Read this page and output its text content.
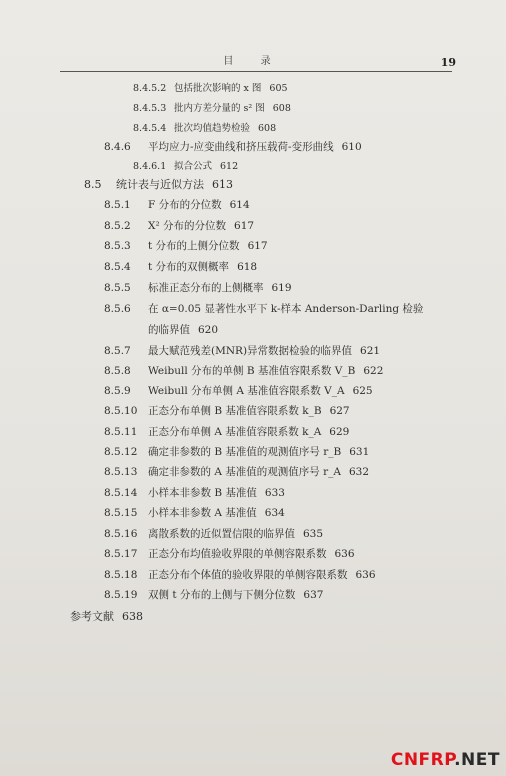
目 录	19
8.4.5.2 包括批次影响的 x 图 605
8.4.5.3 批内方差分量的 s² 图 608
8.4.5.4 批次均值趋势检验 608
8.4.6 平均应力-应变曲线和挤压载荷-变形曲线 610
8.4.6.1 拟合公式 612
8.5 统计表与近似方法 613
8.5.1 F 分布的分位数 614
8.5.2 X² 分布的分位数 617
8.5.3 t 分布的上侧分位数 617
8.5.4 t 分布的双侧概率 618
8.5.5 标准正态分布的上侧概率 619
8.5.6 在 α=0.05 显著性水平下 k-样本 Anderson-Darling 检验
的临界值 620
8.5.7 最大赋范残差(MNR)异常数据检验的临界值 621
8.5.8 Weibull 分布的单侧 B 基准值容限系数 V_B 622
8.5.9 Weibull 分布单侧 A 基准值容限系数 V_A 625
8.5.10 正态分布单侧 B 基准值容限系数 k_B 627
8.5.11 正态分布单侧 A 基准值容限系数 k_A 629
8.5.12 确定非参数的 B 基准值的观测值序号 r_B 631
8.5.13 确定非参数的 A 基准值的观测值序号 r_A 632
8.5.14 小样本非参数 B 基准值 633
8.5.15 小样本非参数 A 基准值 634
8.5.16 离散系数的近似置信限的临界值 635
8.5.17 正态分布均值验收界限的单侧容限系数 636
8.5.18 正态分布个体值的验收界限的单侧容限系数 636
8.5.19 双侧 t 分布的上侧与下侧分位数 637
参考文献 638
CNFRP.NET
